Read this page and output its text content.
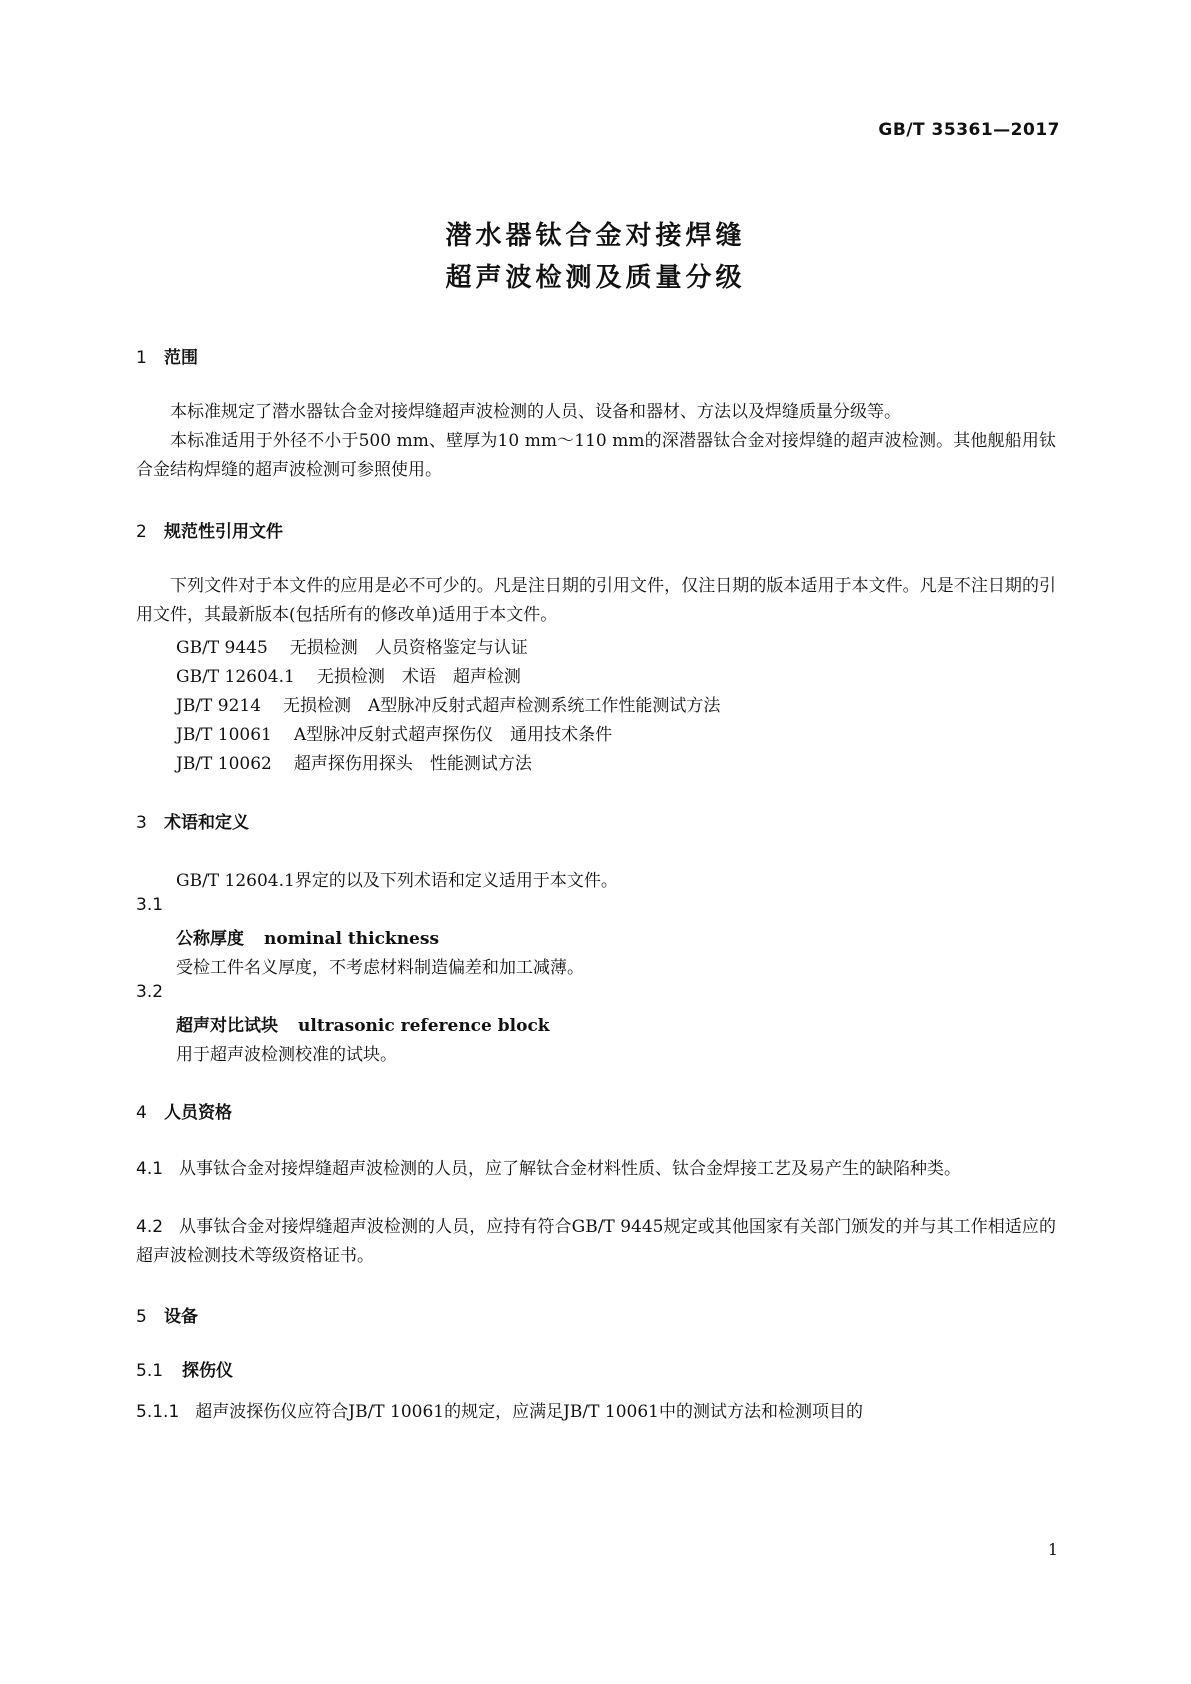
GB/T 35361—2017
潜水器钛合金对接焊缝
超声波检测及质量分级
1 范围
本标准规定了潜水器钛合金对接焊缝超声波检测的人员、设备和器材、方法以及焊缝质量分级等。
本标准适用于外径不小于500 mm、壁厚为10 mm～110 mm的深潜器钛合金对接焊缝的超声波检测。其他舰船用钛合金结构焊缝的超声波检测可参照使用。
2 规范性引用文件
下列文件对于本文件的应用是必不可少的。凡是注日期的引用文件，仅注日期的版本适用于本文件。凡是不注日期的引用文件，其最新版本(包括所有的修改单)适用于本文件。
GB/T 9445 无损检测　人员资格鉴定与认证
GB/T 12604.1 无损检测　术语　超声检测
JB/T 9214 无损检测　A型脉冲反射式超声检测系统工作性能测试方法
JB/T 10061 A型脉冲反射式超声探伤仪　通用技术条件
JB/T 10062 超声探伤用探头　性能测试方法
3 术语和定义
GB/T 12604.1界定的以及下列术语和定义适用于本文件。
3.1
公称厚度 nominal thickness
受检工件名义厚度，不考虑材料制造偏差和加工减薄。
3.2
超声对比试块 ultrasonic reference block
用于超声波检测校准的试块。
4 人员资格
4.1 从事钛合金对接焊缝超声波检测的人员，应了解钛合金材料性质、钛合金焊接工艺及易产生的缺陷种类。
4.2 从事钛合金对接焊缝超声波检测的人员，应持有符合GB/T 9445规定或其他国家有关部门颁发的并与其工作相适应的超声波检测技术等级资格证书。
5 设备
5.1 探伤仪
5.1.1 超声波探伤仪应符合JB/T 10061的规定，应满足JB/T 10061中的测试方法和检测项目的
1
